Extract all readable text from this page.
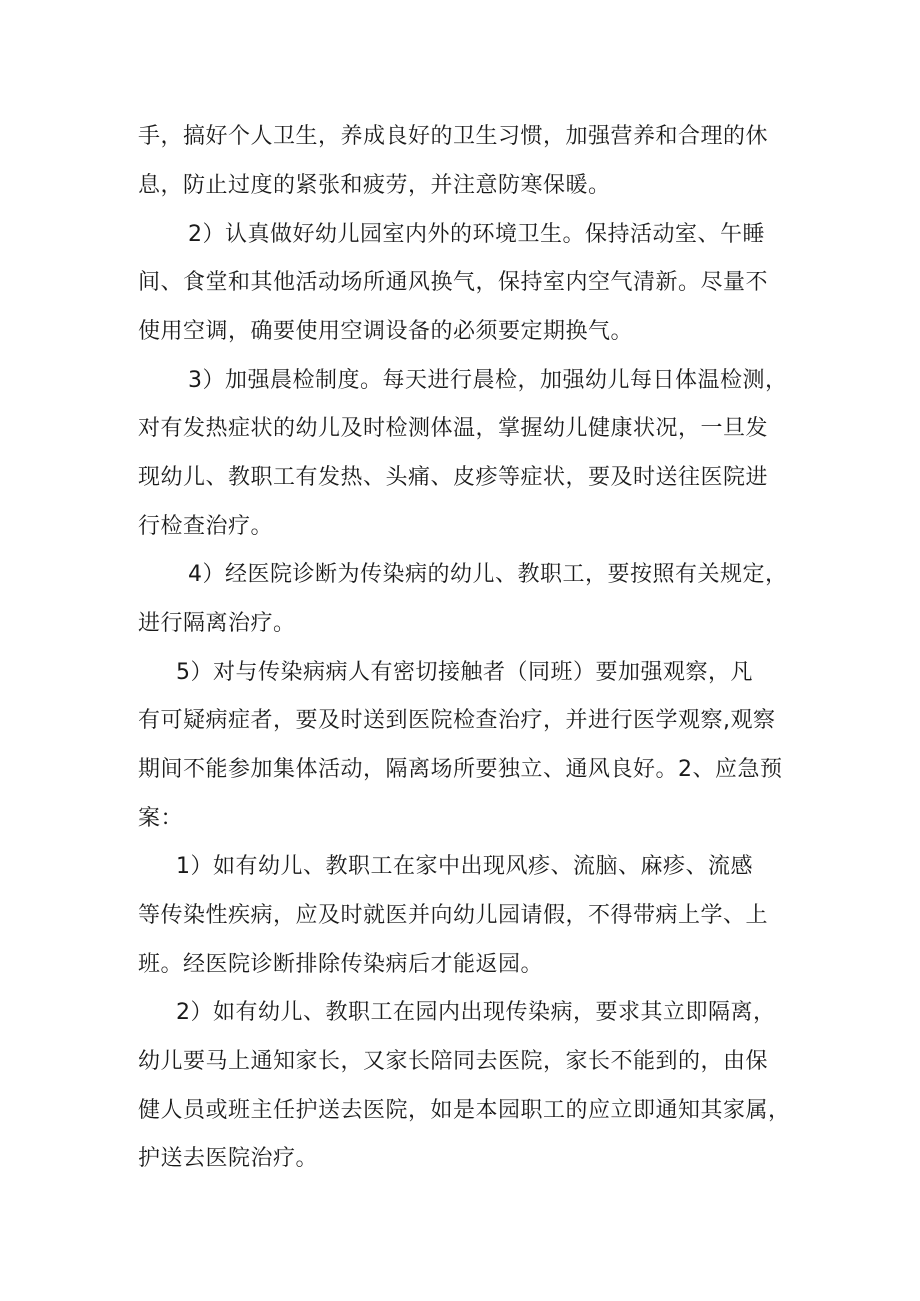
手，搞好个人卫生，养成良好的卫生习惯，加强营养和合理的休

息，防止过度的紧张和疲劳，并注意防寒保暖。

2）认真做好幼儿园室内外的环境卫生。保持活动室、午睡

间、食堂和其他活动场所通风换气，保持室内空气清新。尽量不

使用空调，确要使用空调设备的必须要定期换气。

3）加强晨检制度。每天进行晨检，加强幼儿每日体温检测，

对有发热症状的幼儿及时检测体温，掌握幼儿健康状况，一旦发

现幼儿、教职工有发热、头痛、皮疹等症状，要及时送往医院进

行检查治疗。

4）经医院诊断为传染病的幼儿、教职工，要按照有关规定，

进行隔离治疗。

5）对与传染病病人有密切接触者（同班）要加强观察，凡

有可疑病症者，要及时送到医院检查治疗，并进行医学观察,观察

期间不能参加集体活动，隔离场所要独立、通风良好。2、应急预

案：

1）如有幼儿、教职工在家中出现风疹、流脑、麻疹、流感

等传染性疾病，应及时就医并向幼儿园请假，不得带病上学、上

班。经医院诊断排除传染病后才能返园。

2）如有幼儿、教职工在园内出现传染病，要求其立即隔离，

幼儿要马上通知家长，又家长陪同去医院，家长不能到的，由保

健人员或班主任护送去医院，如是本园职工的应立即通知其家属，

护送去医院治疗。
